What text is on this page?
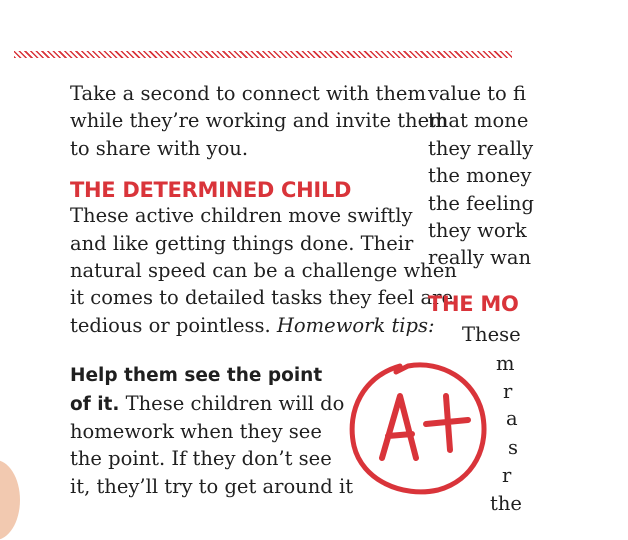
Take a second to connect with them

while they’re working and invite them

to share with you.

THE DETERMINED CHILD

These active children move swiftly

and like getting things done. Their

natural speed can be a challenge when

it comes to detailed tasks they feel are

tedious or pointless. Homework tips:

Help them see the point

of it. These children will do

homework when they see

the point. If they don’t see

it, they’ll try to get around it

value to fi

that mone

they really

the money

the feeling

they work

really wan

THE MO
These
m
r
a
s
r
the
